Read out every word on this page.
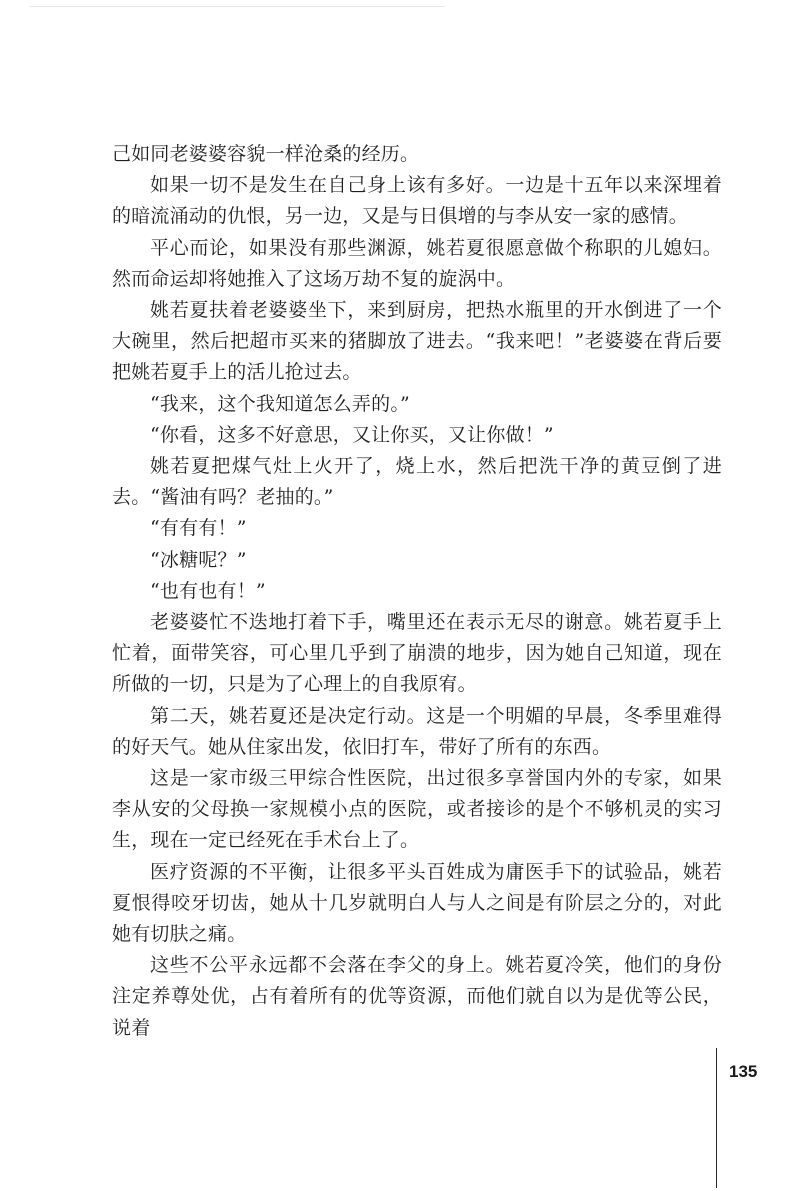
己如同老婆婆容貌一样沧桑的经历。

如果一切不是发生在自己身上该有多好。一边是十五年以来深埋着的暗流涌动的仇恨，另一边，又是与日俱增的与李从安一家的感情。

平心而论，如果没有那些渊源，姚若夏很愿意做个称职的儿媳妇。然而命运却将她推入了这场万劫不复的旋涡中。

姚若夏扶着老婆婆坐下，来到厨房，把热水瓶里的开水倒进了一个大碗里，然后把超市买来的猪脚放了进去。“我来吧！”老婆婆在背后要把姚若夏手上的活儿抢过去。

“我来，这个我知道怎么弄的。”

“你看，这多不好意思，又让你买，又让你做！”

姚若夏把煤气灶上火开了，烧上水，然后把洗干净的黄豆倒了进去。“酱油有吗？老抽的。”

“有有有！”

“冰糖呢？”

“也有也有！”

老婆婆忙不迭地打着下手，嘴里还在表示无尽的谢意。姚若夏手上忙着，面带笑容，可心里几乎到了崩溃的地步，因为她自己知道，现在所做的一切，只是为了心理上的自我原宥。

第二天，姚若夏还是决定行动。这是一个明媚的早晨，冬季里难得的好天气。她从住家出发，依旧打车，带好了所有的东西。

这是一家市级三甲综合性医院，出过很多享誉国内外的专家，如果李从安的父母换一家规模小点的医院，或者接诊的是个不够机灵的实习生，现在一定已经死在手术台上了。

医疗资源的不平衡，让很多平头百姓成为庸医手下的试验品，姚若夏恨得咬牙切齿，她从十几岁就明白人与人之间是有阶层之分的，对此她有切肤之痛。

这些不公平永远都不会落在李父的身上。姚若夏冷笑，他们的身份注定养尊处优，占有着所有的优等资源，而他们就自以为是优等公民，说着

135
